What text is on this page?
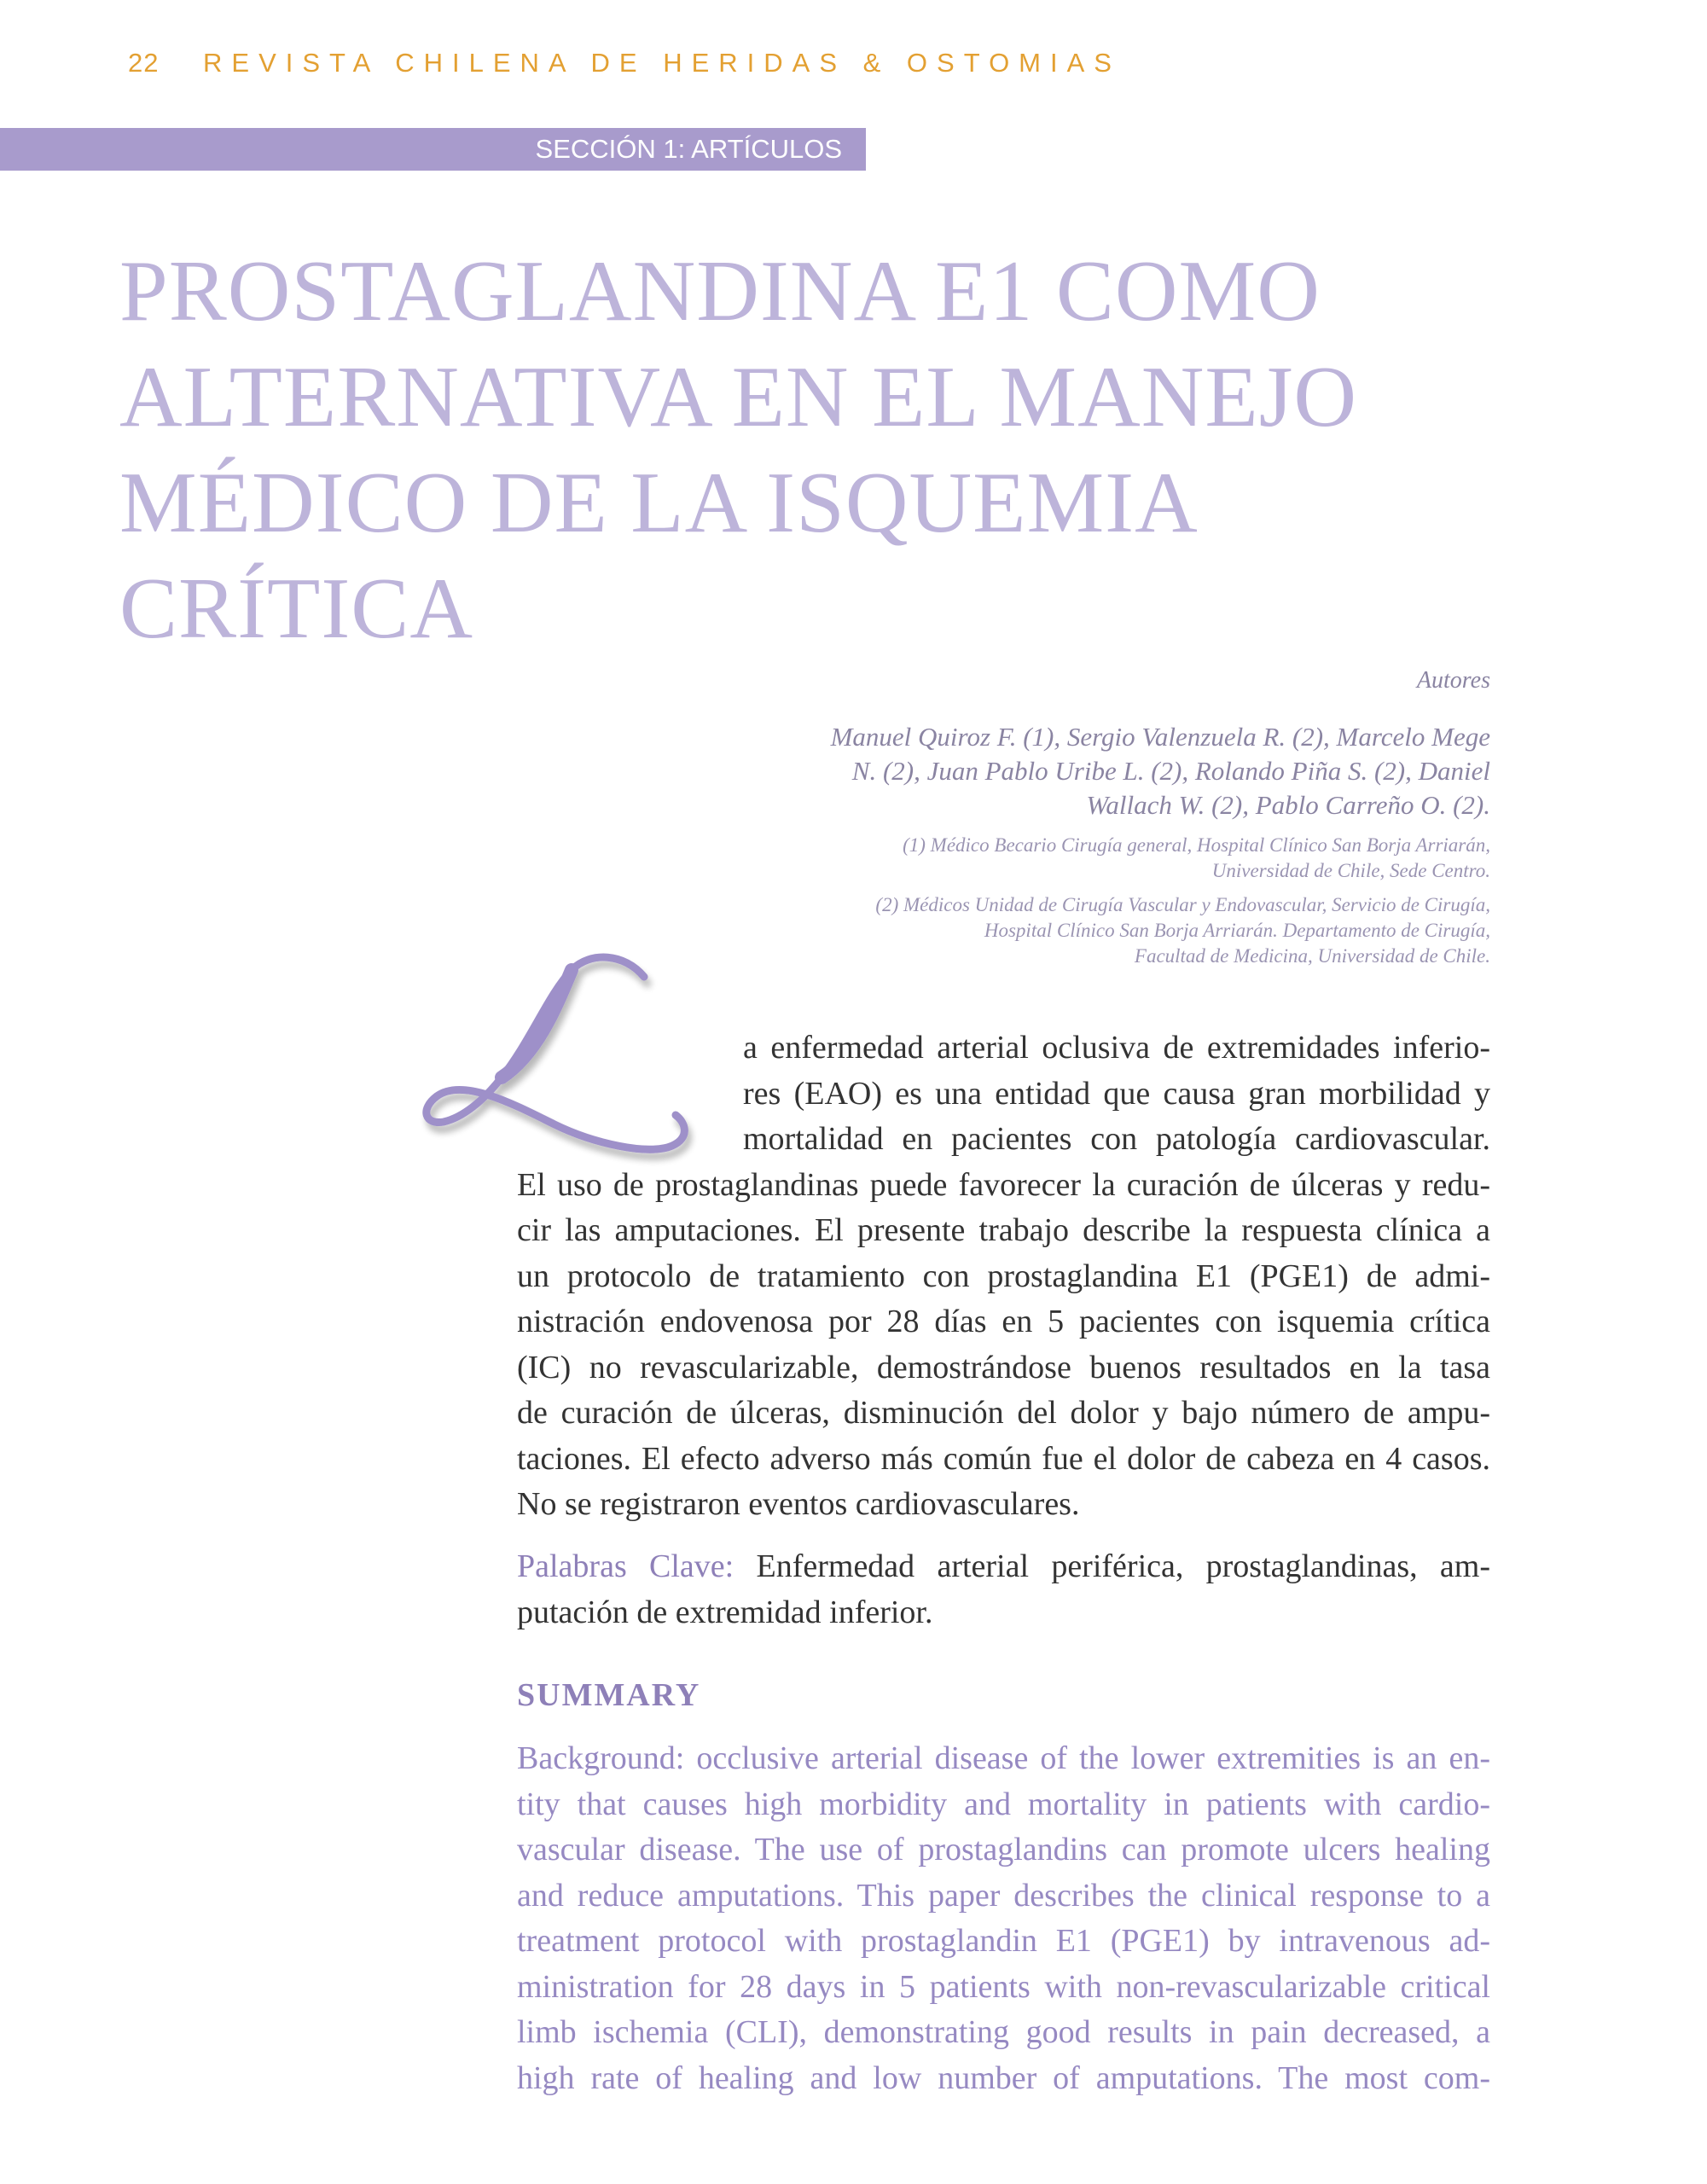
22 REVISTA CHILENA DE HERIDAS & OSTOMIAS
SECCIÓN 1: ARTÍCULOS
PROSTAGLANDINA E1 COMO
ALTERNATIVA EN EL MANEJO
MÉDICO DE LA ISQUEMIA
CRÍTICA
Autores
Manuel Quiroz F. (1), Sergio Valenzuela R. (2), Marcelo Mege
N. (2), Juan Pablo Uribe L. (2), Rolando Piña S. (2), Daniel
Wallach W. (2), Pablo Carreño O. (2).
(1) Médico Becario Cirugía general, Hospital Clínico San Borja Arriarán,
Universidad de Chile, Sede Centro.
(2) Médicos Unidad de Cirugía Vascular y Endovascular, Servicio de Cirugía,
Hospital Clínico San Borja Arriarán. Departamento de Cirugía,
Facultad de Medicina, Universidad de Chile.
a enfermedad arterial oclusiva de extremidades inferio-
res (EAO) es una entidad que causa gran morbilidad y
mortalidad en pacientes con patología cardiovascular.
El uso de prostaglandinas puede favorecer la curación de úlceras y redu-
cir las amputaciones. El presente trabajo describe la respuesta clínica a
un protocolo de tratamiento con prostaglandina E1 (PGE1) de admi-
nistración endovenosa por 28 días en 5 pacientes con isquemia crítica
(IC) no revascularizable, demostrándose buenos resultados en la tasa
de curación de úlceras, disminución del dolor y bajo número de ampu-
taciones. El efecto adverso más común fue el dolor de cabeza en 4 casos.
No se registraron eventos cardiovasculares.
Palabras Clave: Enfermedad arterial periférica, prostaglandinas, am-
putación de extremidad inferior.
SUMMARY
Background: occlusive arterial disease of the lower extremities is an en-
tity that causes high morbidity and mortality in patients with cardio-
vascular disease. The use of prostaglandins can promote ulcers healing
and reduce amputations. This paper describes the clinical response to a
treatment protocol with prostaglandin E1 (PGE1) by intravenous ad-
ministration for 28 days in 5 patients with non-revascularizable critical
limb ischemia (CLI), demonstrating good results in pain decreased, a
high rate of healing and low number of amputations. The most com-
